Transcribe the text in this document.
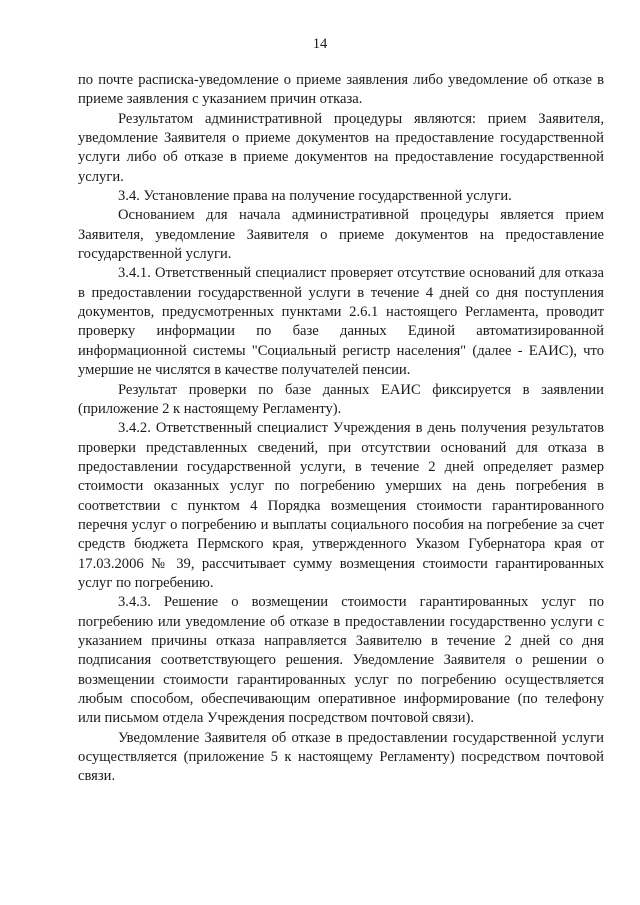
14

по почте расписка-уведомление о приеме заявления либо уведомление об отказе в приеме заявления с указанием причин отказа.

Результатом административной процедуры являются: прием Заявителя, уведомление Заявителя о приеме документов на предоставление государственной услуги либо об отказе в приеме документов на предоставление государственной услуги.

3.4. Установление права на получение государственной услуги.

Основанием для начала административной процедуры является прием Заявителя, уведомление Заявителя о приеме документов на предоставление государственной услуги.

3.4.1. Ответственный специалист проверяет отсутствие оснований для отказа в предоставлении государственной услуги в течение 4 дней со дня поступления документов, предусмотренных пунктами 2.6.1 настоящего Регламента, проводит проверку информации по базе данных Единой автоматизированной информационной системы "Социальный регистр населения" (далее - ЕАИС), что умершие не числятся в качестве получателей пенсии.

Результат проверки по базе данных ЕАИС фиксируется в заявлении (приложение 2 к настоящему Регламенту).

3.4.2. Ответственный специалист Учреждения в день получения результатов проверки представленных сведений, при отсутствии оснований для отказа в предоставлении государственной услуги, в течение 2 дней определяет размер стоимости оказанных услуг по погребению умерших на день погребения в соответствии с пунктом 4 Порядка возмещения стоимости гарантированного перечня услуг о погребению и выплаты социального пособия на погребение за счет средств бюджета Пермского края, утвержденного Указом Губернатора края от 17.03.2006 № 39, рассчитывает сумму возмещения стоимости гарантированных услуг по погребению.

3.4.3. Решение о возмещении стоимости гарантированных услуг по погребению или уведомление об отказе в предоставлении государственно услуги с указанием причины отказа направляется Заявителю в течение 2 дней со дня подписания соответствующего решения. Уведомление Заявителя о решении о возмещении стоимости гарантированных услуг по погребению осуществляется любым способом, обеспечивающим оперативное информирование (по телефону или письмом отдела Учреждения посредством почтовой связи).

Уведомление Заявителя об отказе в предоставлении государственной услуги осуществляется (приложение 5 к настоящему Регламенту) посредством почтовой связи.
